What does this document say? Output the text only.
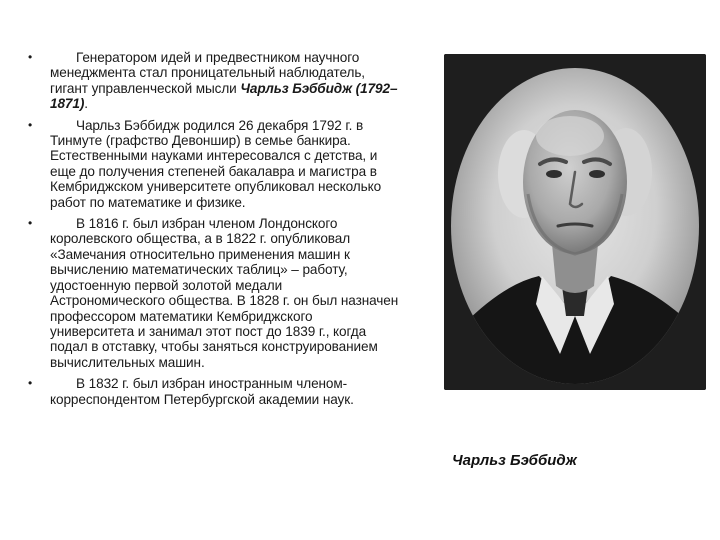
•	Генератором идей и предвестником научного менеджмента стал проницательный наблюдатель, гигант управленческой мысли Чарльз Бэббидж (1792–1871).
•	Чарльз Бэббидж родился 26 декабря 1792 г. в Тинмуте (графство Девоншир) в семье банкира. Естественными науками интересовался с детства, и еще до получения степеней бакалавра и магистра в Кембриджском университете опубликовал несколько работ по математике и физике.
•	В 1816 г. был избран членом Лондонского королевского общества, а в 1822 г. опубликовал «Замечания относительно применения машин к вычислению математических таблиц» – работу, удостоенную первой золотой медали Астрономического общества. В 1828 г. он был назначен профессором математики Кембриджского университета и занимал этот пост до 1839 г., когда подал в отставку, чтобы заняться конструированием вычислительных машин.
•	В 1832 г. был избран иностранным членом-корреспондентом Петербургской академии наук.
Чарльз Бэббидж
